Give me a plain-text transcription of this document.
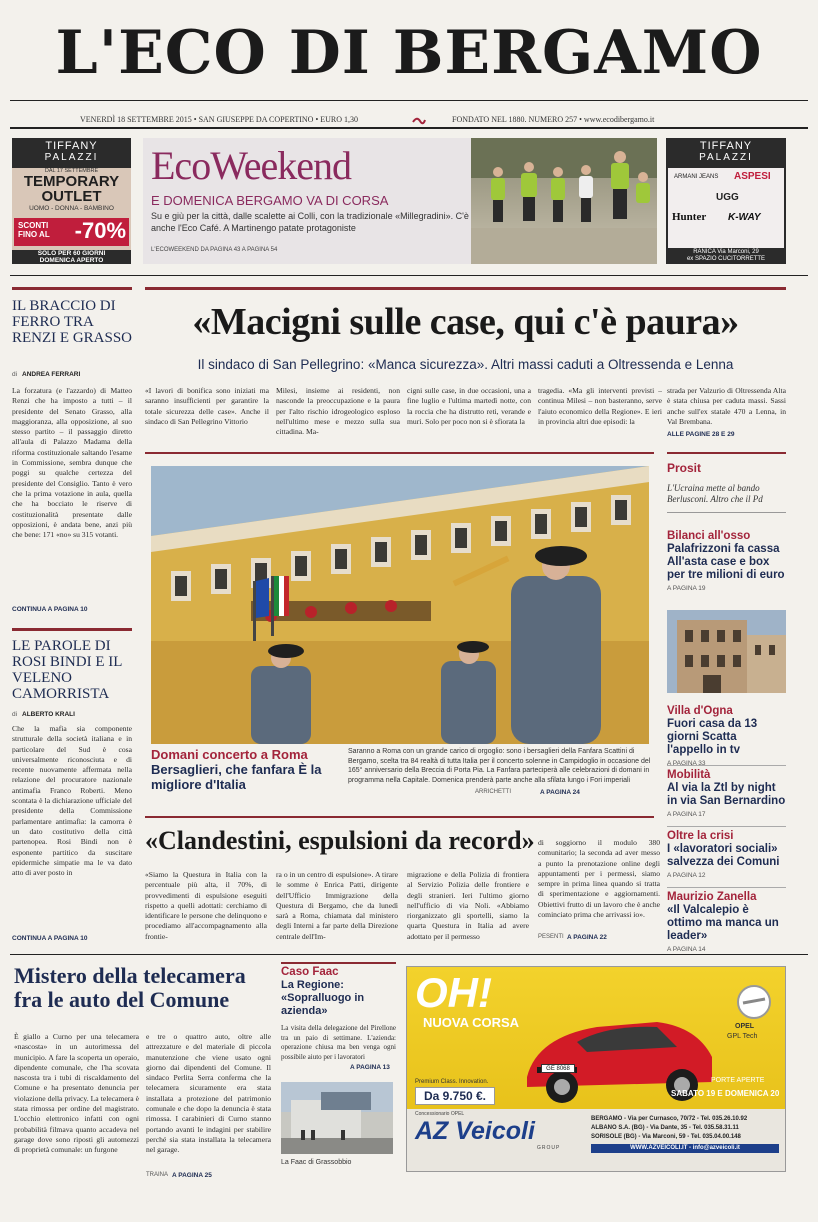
L'ECO DI BERGAMO
VENERDÌ 18 SETTEMBRE 2015 • SAN GIUSEPPE DA COPERTINO • EURO 1,30	FONDATO NEL 1880. NUMERO 257 • www.ecodibergamo.it
TIFFANY
PALAZZI
DAL 17 SETTEMBRE
TEMPORARY OUTLET
UOMO - DONNA - BAMBINO
SCONTI FINO AL	-70%
SOLO PER 60 GIORNI
DOMENICA APERTO
EcoWeekend
E DOMENICA BERGAMO VA DI CORSA
Su e giù per la città, dalle scalette ai Colli, con la tradizionale «Millegradini». C'è anche l'Eco Café. A Martinengo patate protagoniste
L'ECOWEEKEND DA PAGINA 43 A PAGINA 54
TIFFANY
PALAZZI
ARMANI JEANS ASPESI
UGG
Hunter K-WAY
RANICA Via Marconi, 29
ex SPAZIO CUCITORRETTE
IL BRACCIO DI FERRO TRA RENZI E GRASSO
di ANDREA FERRARI
La forzatura (e l'azzardo) di Matteo Renzi che ha imposto a tutti – il presidente del Senato Grasso, alla maggioranza, alla opposizione, al suo stesso partito – il passaggio diretto all'aula di Palazzo Madama della riforma costituzionale saltando l'esame in Commissione, sembra dunque che poggi su qualche certezza del presidente del Consiglio. Tanto è vero che la prima votazione in aula, quella che ha bocciato le riserve di costituzionalità presentate dalle opposizioni, è andata bene, anzi più che bene: 171 «no» su 315 votanti.
CONTINUA A PAGINA 10
LE PAROLE DI ROSI BINDI E IL VELENO CAMORRISTA
di ALBERTO KRALI
Che la mafia sia componente strutturale della società italiana e in particolare del Sud è cosa universalmente riconosciuta e di recente nuovamente affermata nella relazione del procuratore nazionale antimafia Franco Roberti. Meno scontata è la dichiarazione ufficiale del presidente della Commissione parlamentare antimafia: la camorra è un dato costitutivo della città partenopea. Rosi Bindi non è esponente partitico da suscitare epidermiche simpatie ma le va dato atto di aver posto in
CONTINUA A PAGINA 10
«Macigni sulle case, qui c'è paura»
Il sindaco di San Pellegrino: «Manca sicurezza». Altri massi caduti a Oltressenda e Lenna
«I lavori di bonifica sono iniziati ma saranno insufficienti per garantire la totale sicurezza delle case». Anche il sindaco di San Pellegrino Vittorio
Milesi, insieme ai residenti, non nasconde la preoccupazione e la paura per l'alto rischio idrogeologico esploso nell'ultimo mese e mezzo sulla sua cittadina. Ma-
cigni sulle case, in due occasioni, una a fine luglio e l'ultima martedì notte, con la roccia che ha distrutto reti, verande e muri. Solo per poco non si è sfiorata la
tragedia. «Ma gli interventi previsti – continua Milesi – non basteranno, serve l'aiuto economico della Regione». E ieri in provincia altri due episodi: la
strada per Valzurio di Oltressenda Alta è stata chiusa per caduta massi. Sassi anche sull'ex statale 470 a Lenna, in Val Brembana.
ALLE PAGINE 28 E 29
Prosit
L'Ucraina mette al bando Berlusconi. Altro che il Pd
Domani concerto a Roma
Bersaglieri, che fanfara È la migliore d'Italia
Saranno a Roma con un grande carico di orgoglio: sono i bersaglieri della Fanfara Scattini di Bergamo, scelta tra 84 realtà di tutta Italia per il concerto solenne in Campidoglio in occasione del 165° anniversario della Breccia di Porta Pia. La Fanfara parteciperà alle celebrazioni di domani in programma nella Capitale. Domenica prenderà parte anche alla sfilata lungo i Fori imperiali
ARRICHETTI	A PAGINA 24
Bilanci all'osso
Palafrizzoni fa cassa All'asta case e box per tre milioni di euro
A PAGINA 19
Villa d'Ogna
Fuori casa da 13 giorni Scatta l'appello in tv
A PAGINA 33
Mobilità
Al via la Ztl by night in via San Bernardino
A PAGINA 17
Oltre la crisi
I «lavoratori sociali» salvezza dei Comuni
A PAGINA 12
Maurizio Zanella
«Il Valcalepio è ottimo ma manca un leader»
A PAGINA 14
«Clandestini, espulsioni da record»
«Siamo la Questura in Italia con la percentuale più alta, il 70%, di provvedimenti di espulsione eseguiti rispetto a quelli adottati: cerchiamo di identificare le persone che delinquono e procediamo all'accompagnamento alla frontie-
ra o in un centro di espulsione». A tirare le somme è Enrica Patti, dirigente dell'Ufficio Immigrazione della Questura di Bergamo, che da lunedì sarà a Roma, chiamata dal ministero degli Interni a far parte della Direzione centrale dell'Im-
migrazione e della Polizia di frontiera al Servizio Polizia delle frontiere e degli stranieri. Ieri l'ultimo giorno nell'ufficio di via Noli. «Abbiamo riorganizzato gli sportelli, siamo la quarta Questura in Italia ad avere adottato per il permesso
di soggiorno il modulo 380 comunitario; la seconda ad aver messo a punto la prenotazione online degli appuntamenti per i permessi, siamo sempre in prima linea quando si tratta di sperimentazione e aggiornamenti. Obiettivi frutto di un lavoro che è anche cominciato prima che arrivassi io».
PESENTI A PAGINA 22
Mistero della telecamera fra le auto del Comune
È giallo a Curno per una telecamera «nascosta» in un autorimessa del municipio. A fare la scoperta un operaio, dipendente comunale, che l'ha scovata nascosta tra i tubi di riscaldamento del Comune e ha presentato denuncia per violazione della privacy. La telecamera è stata rimossa per ordine del magistrato. L'occhio elettronico infatti con ogni probabilità filmava quanto accadeva nel garage dove sono riposti gli automezzi di proprietà comunale: un furgone
e tre o quattro auto, oltre alle attrezzature e del materiale di piccola manutenzione che viene usato ogni giorno dai dipendenti del Comune. Il sindaco Perlita Serra conferma che la telecamera sicuramente era stata installata a protezione del patrimonio comunale e che dopo la denuncia è stata rimossa. I carabinieri di Curno stanno portando avanti le indagini per stabilire perché sia stata installata la telecamera nel garage.
TRAINA A PAGINA 25
Caso Faac
La Regione: «Sopralluogo in azienda»
La visita della delegazione del Pirellone tra un paio di settimane. L'azienda: operazione chiusa ma ben venga ogni possibile aiuto per i lavoratori
A PAGINA 13
La Faac di Grassobbio
OH!
NUOVA CORSA	OPEL
GPL Tech
GE 8068
Premium Class. Innovation.
Da 9.750 €.
PORTE APERTE
SABATO 19 E DOMENICA 20
Concessionario OPEL
AZ Veicoli
GROUP
BERGAMO - Via per Curnasco, 70/72 - Tel. 035.26.10.92
ALBANO S.A. (BG) - Via Dante, 35 - Tel. 035.58.31.11
SORISOLE (BG) - Via Marconi, 59 - Tel. 035.04.00.148
WWW.AZVEICOLI.IT - info@azveicoli.it
